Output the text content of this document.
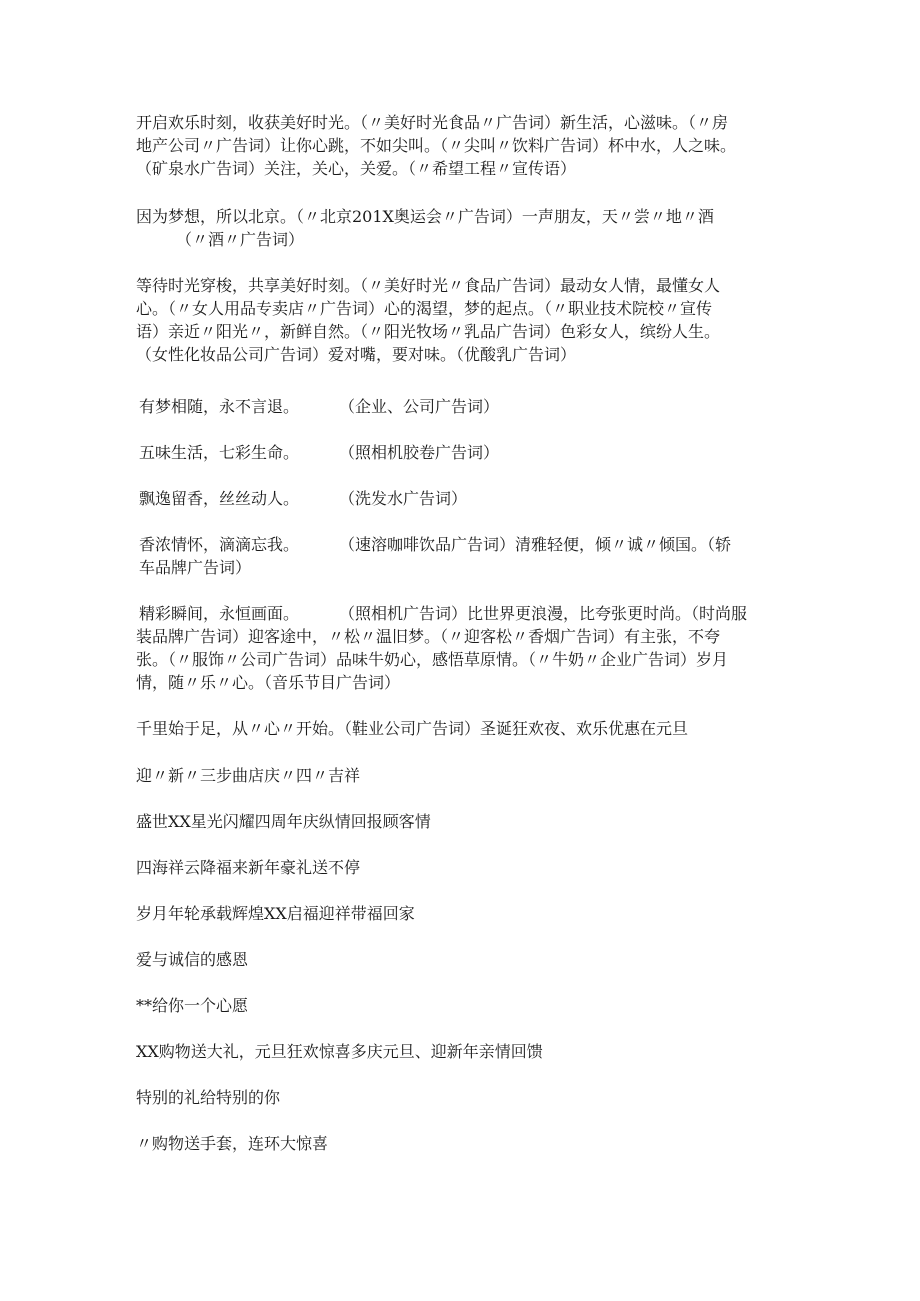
开启欢乐时刻，收获美好时光。（〃美好时光食品〃广告词）新生活，心滋味。（〃房
地产公司〃广告词）让你心跳，不如尖叫。（〃尖叫〃饮料广告词）杯中水，人之味。
（矿泉水广告词）关注，关心，关爱。（〃希望工程〃宣传语）

因为梦想，所以北京。（〃北京201X奥运会〃广告词）一声朋友，天〃尝〃地〃酒
（〃酒〃广告词）

等待时光穿梭，共享美好时刻。（〃美好时光〃食品广告词）最动女人情，最懂女人
心。（〃女人用品专卖店〃广告词）心的渴望，梦的起点。（〃职业技术院校〃宣传
语）亲近〃阳光〃，新鲜自然。（〃阳光牧场〃乳品广告词）色彩女人，缤纷人生。
（女性化妆品公司广告词）爱对嘴，要对味。（优酸乳广告词）

有梦相随，永不言退。 （企业、公司广告词）
五味生活，七彩生命。 （照相机胶卷广告词）
飘逸留香，丝丝动人。 （洗发水广告词）
香浓情怀，滴滴忘我。 （速溶咖啡饮品广告词）清雅轻便，倾〃诚〃倾国。（轿
车品牌广告词）
精彩瞬间，永恒画面。 （照相机广告词）比世界更浪漫，比夸张更时尚。（时尚服

装品牌广告词）迎客途中，〃松〃温旧梦。（〃迎客松〃香烟广告词）有主张，不夸
张。（〃服饰〃公司广告词）品味牛奶心，感悟草原情。（〃牛奶〃企业广告词）岁月
情，随〃乐〃心。（音乐节目广告词）

千里始于足，从〃心〃开始。（鞋业公司广告词）圣诞狂欢夜、欢乐优惠在元旦

迎〃新〃三步曲店庆〃四〃吉祥

盛世XX星光闪耀四周年庆纵情回报顾客情

四海祥云降福来新年豪礼送不停

岁月年轮承载辉煌XX启福迎祥带福回家

爱与诚信的感恩

**给你一个心愿

XX购物送大礼，元旦狂欢惊喜多庆元旦、迎新年亲情回馈

特别的礼给特别的你

〃购物送手套，连环大惊喜
